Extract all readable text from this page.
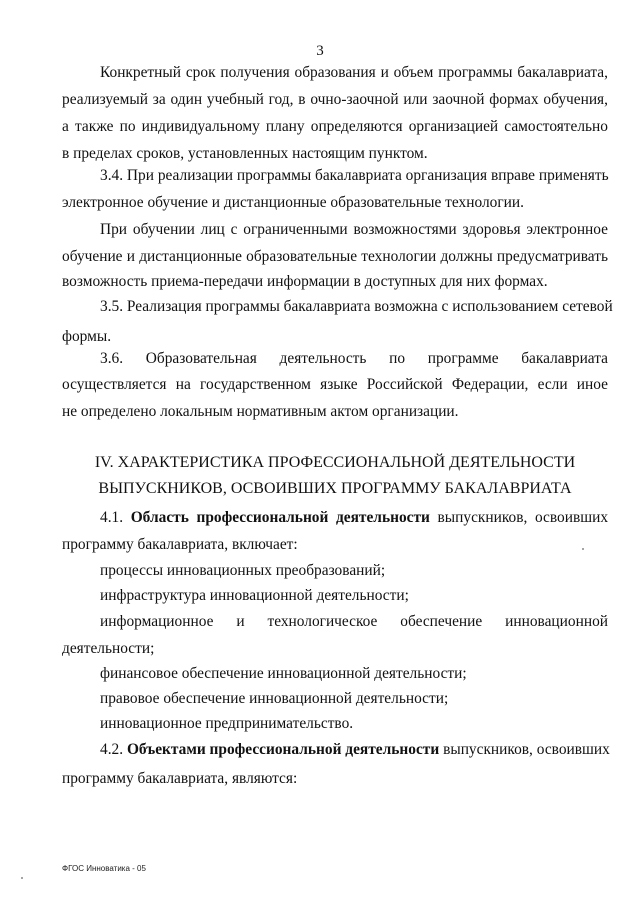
3
Конкретный срок получения образования и объем программы бакалавриата,
реализуемый за один учебный год, в очно-заочной или заочной формах обучения,
а также по индивидуальному плану определяются организацией самостоятельно
в пределах сроков, установленных настоящим пунктом.
3.4. При реализации программы бакалавриата организация вправе применять
электронное обучение и дистанционные образовательные технологии.
При обучении лиц с ограниченными возможностями здоровья электронное
обучение и дистанционные образовательные технологии должны предусматривать
возможность приема-передачи информации в доступных для них формах.
3.5. Реализация программы бакалавриата возможна с использованием сетевой
формы.
3.6. Образовательная деятельность по программе бакалавриата
осуществляется на государственном языке Российской Федерации, если иное
не определено локальным нормативным актом организации.
IV. ХАРАКТЕРИСТИКА ПРОФЕССИОНАЛЬНОЙ ДЕЯТЕЛЬНОСТИ
ВЫПУСКНИКОВ, ОСВОИВШИХ ПРОГРАММУ БАКАЛАВРИАТА
4.1. Область профессиональной деятельности выпускников, освоивших
программу бакалавриата, включает:
процессы инновационных преобразований;
инфраструктура инновационной деятельности;
информационное и технологическое обеспечение инновационной
деятельности;
финансовое обеспечение инновационной деятельности;
правовое обеспечение инновационной деятельности;
инновационное предпринимательство.
4.2. Объектами профессиональной деятельности выпускников, освоивших
программу бакалавриата, являются:
ФГОС Инноватика - 05
